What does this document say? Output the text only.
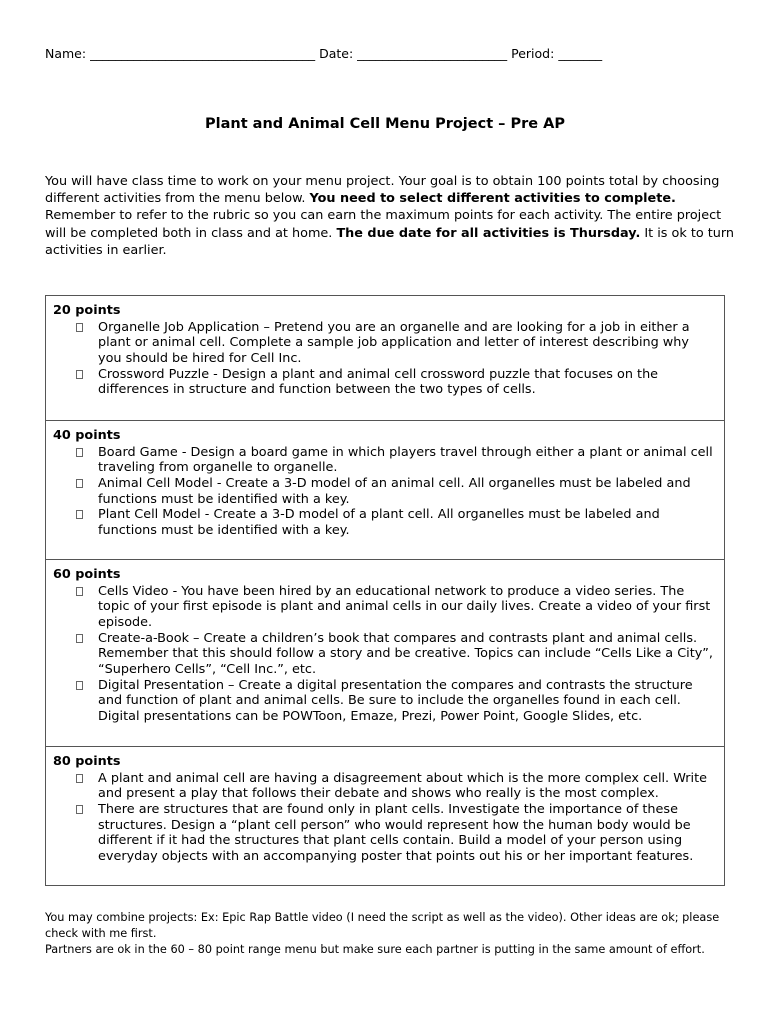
Name: ____________________________________ Date: ________________________ Period: _______
Plant and Animal Cell Menu Project – Pre AP
You will have class time to work on your menu project. Your goal is to obtain 100 points total by choosing different activities from the menu below. You need to select different activities to complete. Remember to refer to the rubric so you can earn the maximum points for each activity. The entire project will be completed both in class and at home. The due date for all activities is Thursday. It is ok to turn activities in earlier.
20 points
Organelle Job Application – Pretend you are an organelle and are looking for a job in either a plant or animal cell. Complete a sample job application and letter of interest describing why you should be hired for Cell Inc.
Crossword Puzzle - Design a plant and animal cell crossword puzzle that focuses on the differences in structure and function between the two types of cells.
40 points
Board Game - Design a board game in which players travel through either a plant or animal cell traveling from organelle to organelle.
Animal Cell Model - Create a 3-D model of an animal cell. All organelles must be labeled and functions must be identified with a key.
Plant Cell Model - Create a 3-D model of a plant cell. All organelles must be labeled and functions must be identified with a key.
60 points
Cells Video - You have been hired by an educational network to produce a video series. The topic of your first episode is plant and animal cells in our daily lives. Create a video of your first episode.
Create-a-Book – Create a children’s book that compares and contrasts plant and animal cells. Remember that this should follow a story and be creative. Topics can include “Cells Like a City”, “Superhero Cells”, “Cell Inc.”, etc.
Digital Presentation – Create a digital presentation the compares and contrasts the structure and function of plant and animal cells. Be sure to include the organelles found in each cell. Digital presentations can be POWToon, Emaze, Prezi, Power Point, Google Slides, etc.
80 points
A plant and animal cell are having a disagreement about which is the more complex cell. Write and present a play that follows their debate and shows who really is the most complex.
There are structures that are found only in plant cells. Investigate the importance of these structures. Design a “plant cell person” who would represent how the human body would be different if it had the structures that plant cells contain. Build a model of your person using everyday objects with an accompanying poster that points out his or her important features.

You may combine projects: Ex: Epic Rap Battle video (I need the script as well as the video). Other ideas are ok; please check with me first.

Partners are ok in the 60 – 80 point range menu but make sure each partner is putting in the same amount of effort.
